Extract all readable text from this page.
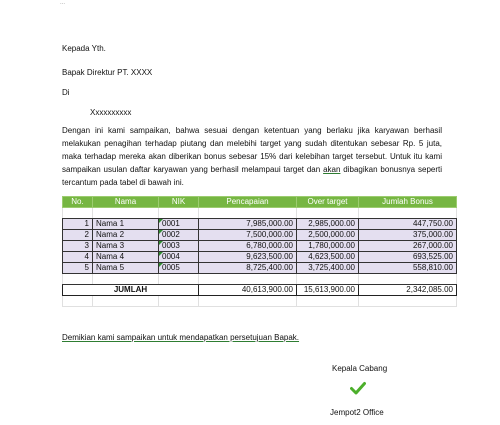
...
Kepada Yth.
Bapak Direktur PT. XXXX
Di
Xxxxxxxxxx
Dengan ini kami sampaikan, bahwa sesuai dengan ketentuan yang berlaku jika karyawan berhasil melakukan penagihan terhadap piutang dan melebihi target yang sudah ditentukan sebesar Rp. 5 juta, maka terhadap mereka akan diberikan bonus sebesar 15% dari kelebihan target tersebut. Untuk itu kami sampaikan usulan daftar karyawan yang berhasil melampaui target dan akan dibagikan bonusnya seperti tercantum pada tabel di bawah ini.
No.	Nama	NIK	Pencapaian	Over target	Jumlah Bonus

1	Nama 1	0001	7,985,000.00	2,985,000.00	447,750.00
2	Nama 2	0002	7,500,000.00	2,500,000.00	375,000.00
3	Nama 3	0003	6,780,000.00	1,780,000.00	267,000.00
4	Nama 4	0004	9,623,500.00	4,623,500.00	693,525.00
5	Nama 5	0005	8,725,400.00	3,725,400.00	558,810.00

JUMLAH			40,613,900.00	15,613,900.00	2,342,085.00

Demikian kami sampaikan untuk mendapatkan persetujuan Bapak.
Kepala Cabang
Jempot2 Office
